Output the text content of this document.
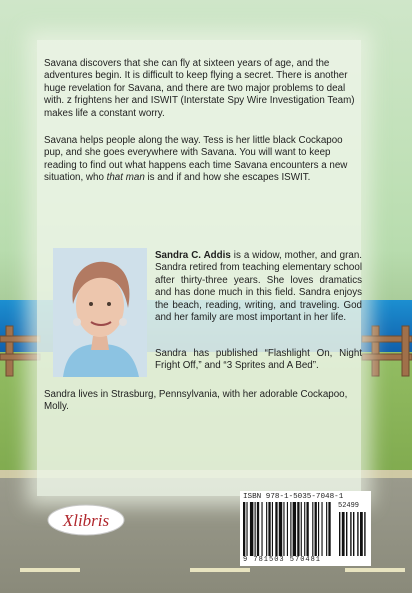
Savana discovers that she can fly at sixteen years of age, and the adventures begin. It is difficult to keep flying a secret. There is another huge revelation for Savana, and there are two major problems to deal with. z frightens her and ISWIT (Interstate Spy Wire Investigation Team) makes life a constant worry.

Savana helps people along the way. Tess is her little black Cockapoo pup, and she goes everywhere with Savana. You will want to keep reading to find out what happens each time Savana encounters a new situation, who that man is and if and how she escapes ISWIT.

Sandra C. Addis is a widow, mother, and gran. Sandra retired from teaching elementary school after thirty-three years. She loves dramatics and has done much in this field. Sandra enjoys the beach, reading, writing, and traveling. God and her family are most important in her life.

Sandra has published “Flashlight On, Night Fright Off,” and “3 Sprites and A Bed”.

Sandra lives in Strasburg, Pennsylvania, with her adorable Cockapoo, Molly.

Xlibris
ISBN 978-1-5035-7048-1
52499
9 781503 570481
